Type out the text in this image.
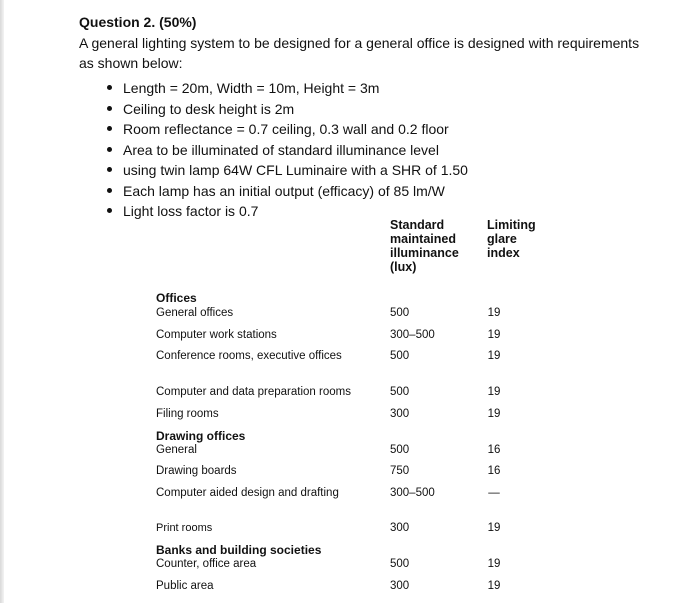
Question 2. (50%)

A general lighting system to be designed for a general office is designed with requirements

as shown below:

Length = 20m, Width = 10m, Height = 3m
Ceiling to desk height is 2m
Room reflectance = 0.7 ceiling, 0.3 wall and 0.2 floor
Area to be illuminated of standard illuminance level
using twin lamp 64W CFL Luminaire with a SHR of 1.50
Each lamp has an initial output (efficacy) of 85 lm/W
Light loss factor is 0.7
Standard
maintained
illuminance
(lux)
Limiting
glare
index
Offices
General offices	500	19
Computer work stations	300–500	19
Conference rooms, executive offices	500	19
Computer and data preparation rooms	500	19
Filing rooms	300	19
Drawing offices
General	500	16
Drawing boards	750	16
Computer aided design and drafting	300–500	—
Print rooms	300	19
Banks and building societies
Counter, office area	500	19
Public area	300	19
